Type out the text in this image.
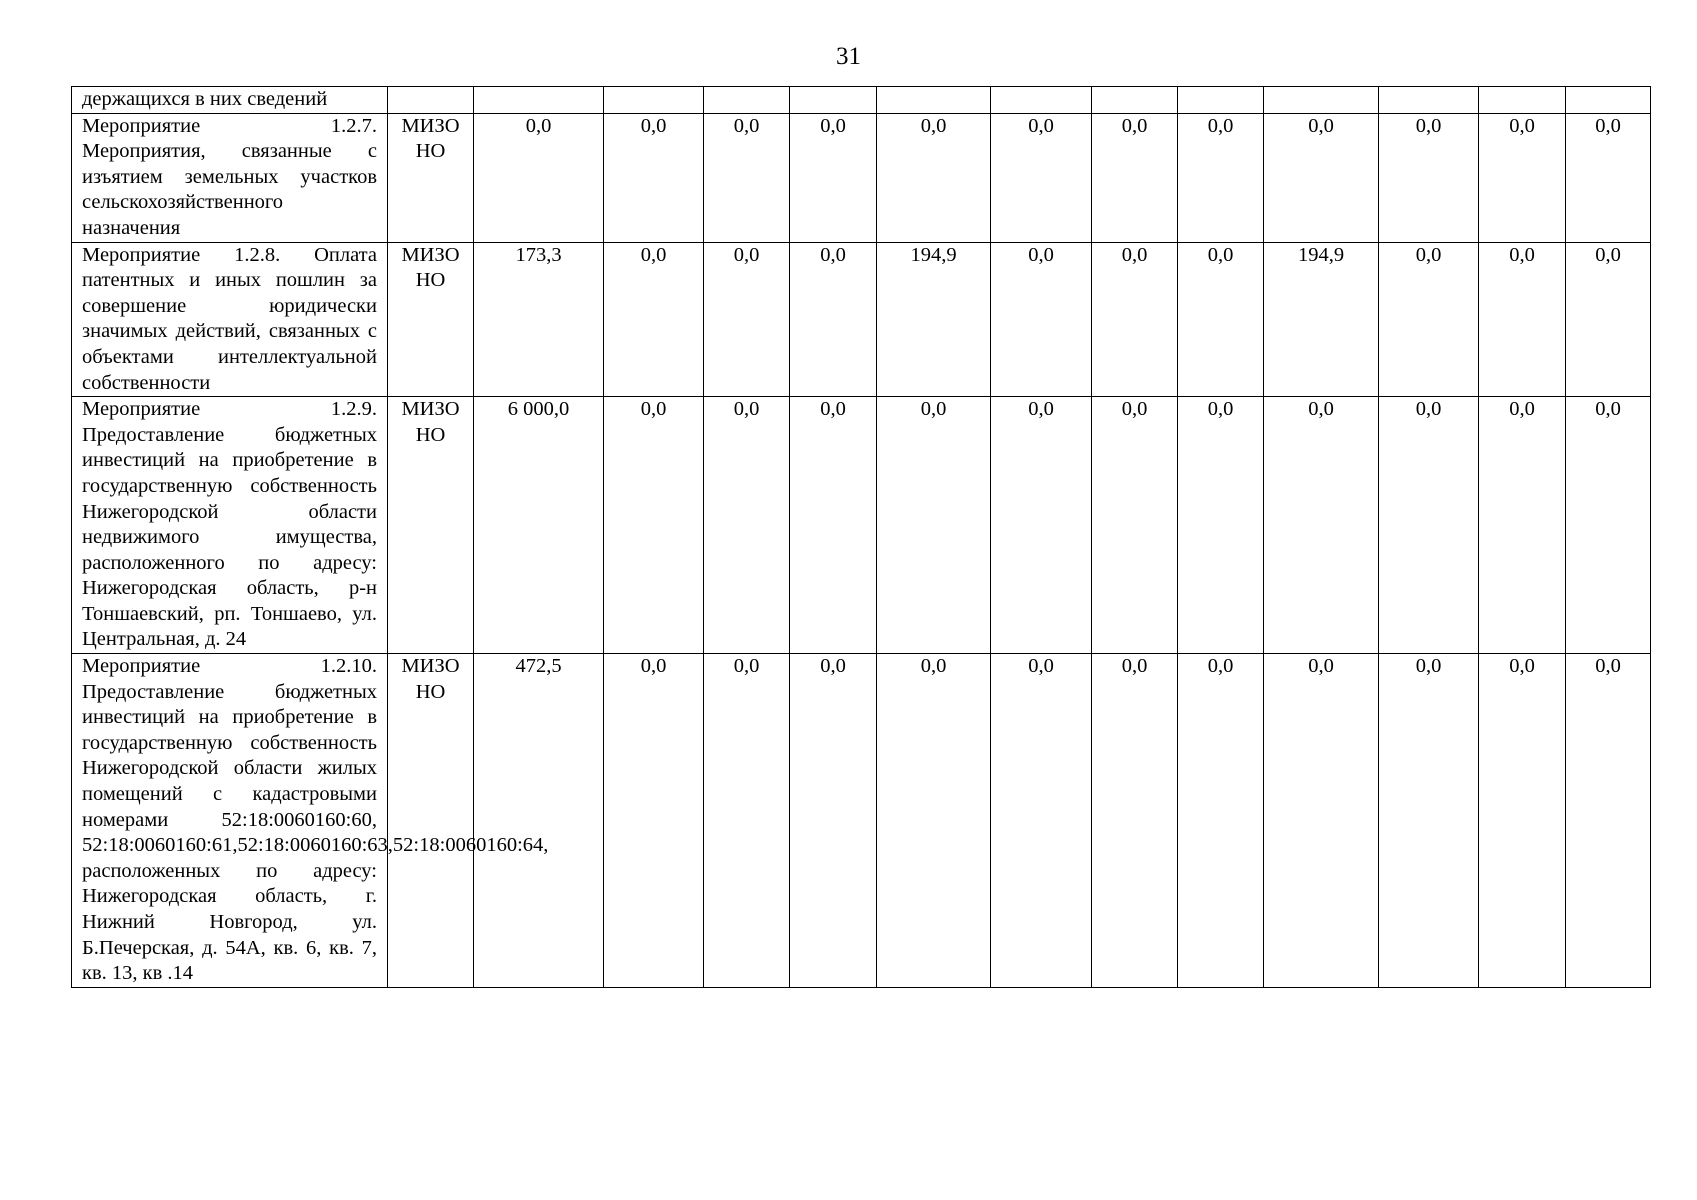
31
держащихся в них сведений													
Мероприятие 1.2.7. Мероприятия, связанные с изъятием земельных участков сельскохозяйственного назначения	МИЗО НО	0,0	0,0	0,0	0,0	0,0	0,0	0,0	0,0	0,0	0,0	0,0	0,0
Мероприятие 1.2.8. Оплата патентных и иных пошлин за совершение юридически значимых действий, связанных с объектами интеллектуальной собственности	МИЗО НО	173,3	0,0	0,0	0,0	194,9	0,0	0,0	0,0	194,9	0,0	0,0	0,0
Мероприятие 1.2.9. Предоставление бюджетных инвестиций на приобретение в государственную собственность Нижегородской области недвижимого имущества, расположенного по адресу: Нижегородская область, р-н Тоншаевский, рп. Тоншаево, ул. Центральная, д. 24	МИЗО НО	6 000,0	0,0	0,0	0,0	0,0	0,0	0,0	0,0	0,0	0,0	0,0	0,0
Мероприятие 1.2.10. Предоставление бюджетных инвестиций на приобретение в государственную собственность Нижегородской области жилых помещений с кадастровыми номерами 52:18:0060160:60, 52:18:0060160:61,52:18:0060160:63,52:18:0060160:64, расположенных по адресу: Нижегородская область, г. Нижний Новгород, ул. Б.Печерская, д. 54А, кв. 6, кв. 7, кв. 13, кв .14	МИЗО НО	472,5	0,0	0,0	0,0	0,0	0,0	0,0	0,0	0,0	0,0	0,0	0,0
